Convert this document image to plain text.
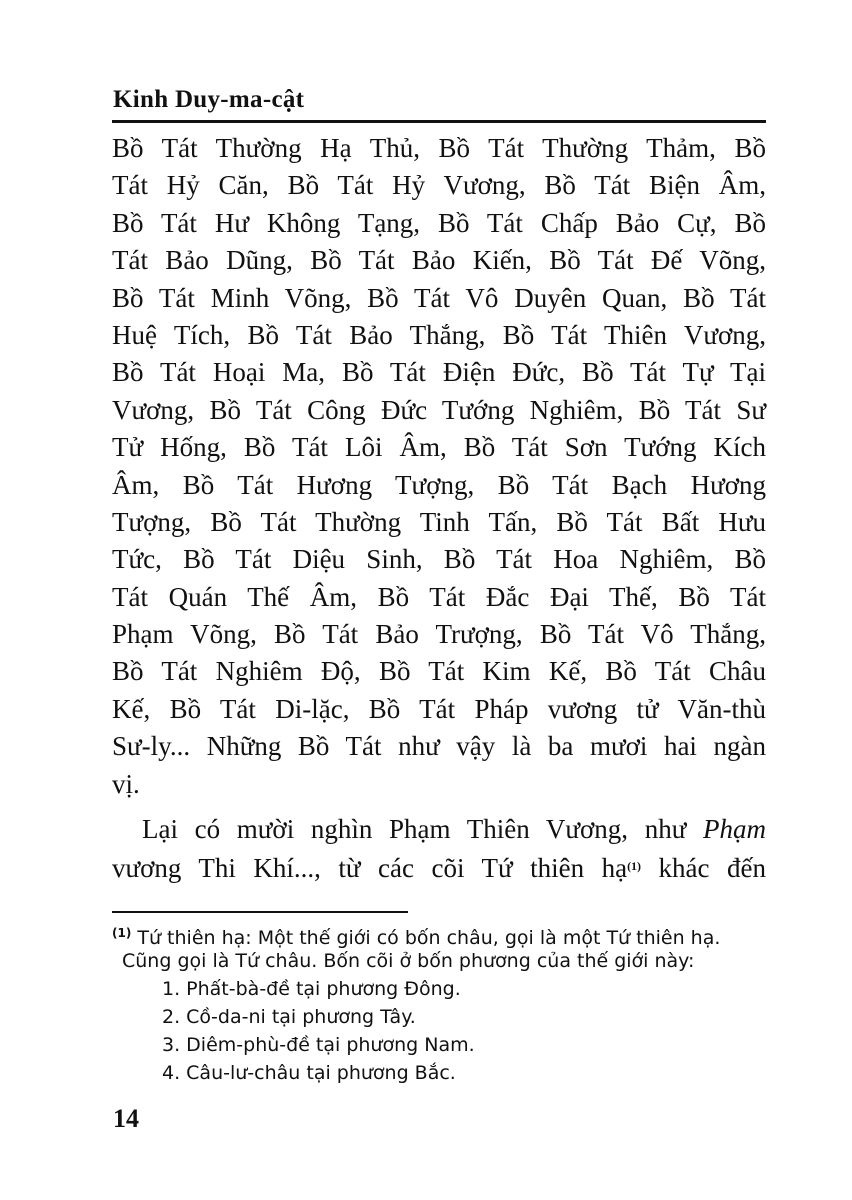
Kinh Duy-ma-cật
Bồ Tát Thường Hạ Thủ, Bồ Tát Thường Thảm, Bồ
Tát Hỷ Căn, Bồ Tát Hỷ Vương, Bồ Tát Biện Âm,
Bồ Tát Hư Không Tạng, Bồ Tát Chấp Bảo Cự, Bồ
Tát Bảo Dũng, Bồ Tát Bảo Kiến, Bồ Tát Đế Võng,
Bồ Tát Minh Võng, Bồ Tát Vô Duyên Quan, Bồ Tát
Huệ Tích, Bồ Tát Bảo Thắng, Bồ Tát Thiên Vương,
Bồ Tát Hoại Ma, Bồ Tát Điện Đức, Bồ Tát Tự Tại
Vương, Bồ Tát Công Đức Tướng Nghiêm, Bồ Tát Sư
Tử Hống, Bồ Tát Lôi Âm, Bồ Tát Sơn Tướng Kích
Âm, Bồ Tát Hương Tượng, Bồ Tát Bạch Hương
Tượng, Bồ Tát Thường Tinh Tấn, Bồ Tát Bất Hưu
Tức, Bồ Tát Diệu Sinh, Bồ Tát Hoa Nghiêm, Bồ
Tát Quán Thế Âm, Bồ Tát Đắc Đại Thế, Bồ Tát
Phạm Võng, Bồ Tát Bảo Trượng, Bồ Tát Vô Thắng,
Bồ Tát Nghiêm Độ, Bồ Tát Kim Kế, Bồ Tát Châu
Kế, Bồ Tát Di-lặc, Bồ Tát Pháp vương tử Văn-thù
Sư-ly... Những Bồ Tát như vậy là ba mươi hai ngàn
vị.
Lại có mười nghìn Phạm Thiên Vương, như Phạm
vương Thi Khí..., từ các cõi Tứ thiên hạ$^{(1)}$ khác đến
$^{(1)}$ Tứ thiên hạ: Một thế giới có bốn châu, gọi là một Tứ thiên hạ.
Cũng gọi là Tứ châu. Bốn cõi ở bốn phương của thế giới này:
1. Phất-bà-đề tại phương Đông.
2. Cồ-da-ni tại phương Tây.
3. Diêm-phù-đề tại phương Nam.
4. Câu-lư-châu tại phương Bắc.
14
